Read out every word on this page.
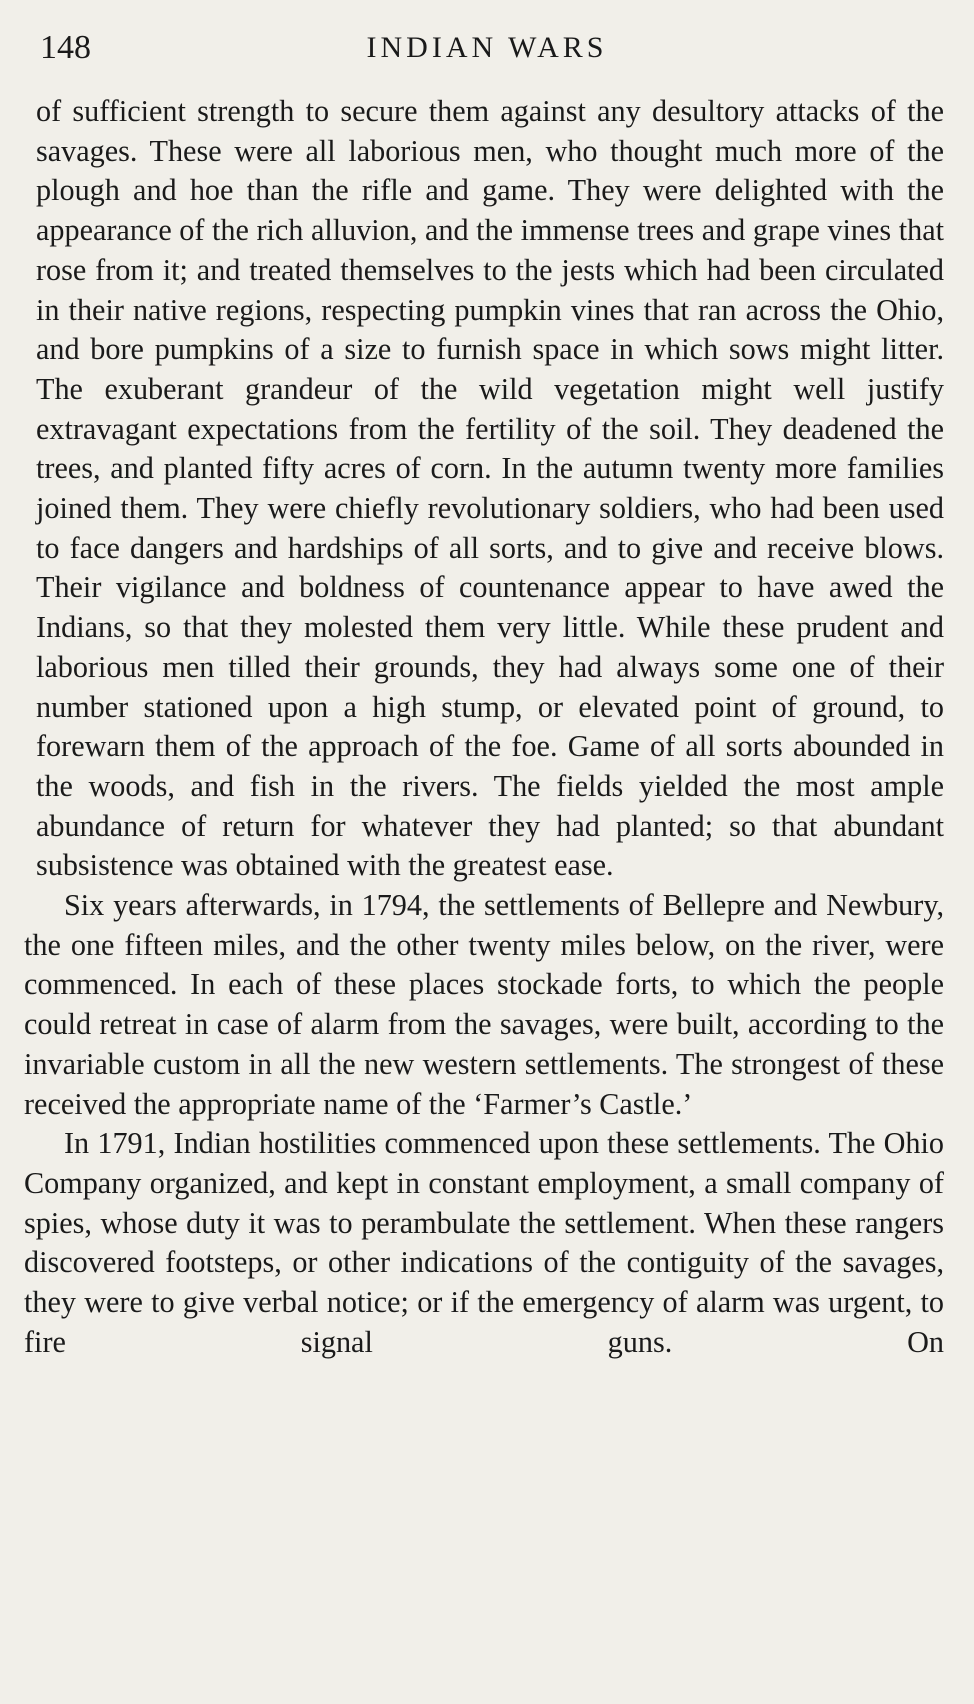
148	INDIAN WARS

of sufficient strength to secure them against any desultory attacks of the savages. These were all laborious men, who thought much more of the plough and hoe than the rifle and game. They were delighted with the appearance of the rich alluvion, and the immense trees and grape vines that rose from it; and treated themselves to the jests which had been circulated in their native regions, respecting pumpkin vines that ran across the Ohio, and bore pumpkins of a size to furnish space in which sows might litter. The exuberant grandeur of the wild vegetation might well justify extravagant expectations from the fertility of the soil. They deadened the trees, and planted fifty acres of corn. In the autumn twenty more families joined them. They were chiefly revolutionary soldiers, who had been used to face dangers and hardships of all sorts, and to give and receive blows. Their vigilance and boldness of countenance appear to have awed the Indians, so that they molested them very little. While these prudent and laborious men tilled their grounds, they had always some one of their number stationed upon a high stump, or elevated point of ground, to forewarn them of the approach of the foe. Game of all sorts abounded in the woods, and fish in the rivers. The fields yielded the most ample abundance of return for whatever they had planted; so that abundant subsistence was obtained with the greatest ease.

Six years afterwards, in 1794, the settlements of Bellepre and Newbury, the one fifteen miles, and the other twenty miles below, on the river, were commenced. In each of these places stockade forts, to which the people could retreat in case of alarm from the savages, were built, according to the invariable custom in all the new western settlements. The strongest of these received the appropriate name of the ‘Farmer’s Castle.’

In 1791, Indian hostilities commenced upon these settlements. The Ohio Company organized, and kept in constant employment, a small company of spies, whose duty it was to perambulate the settlement. When these rangers discovered footsteps, or other indications of the contiguity of the savages, they were to give verbal notice; or if the emergency of alarm was urgent, to fire signal guns. On
